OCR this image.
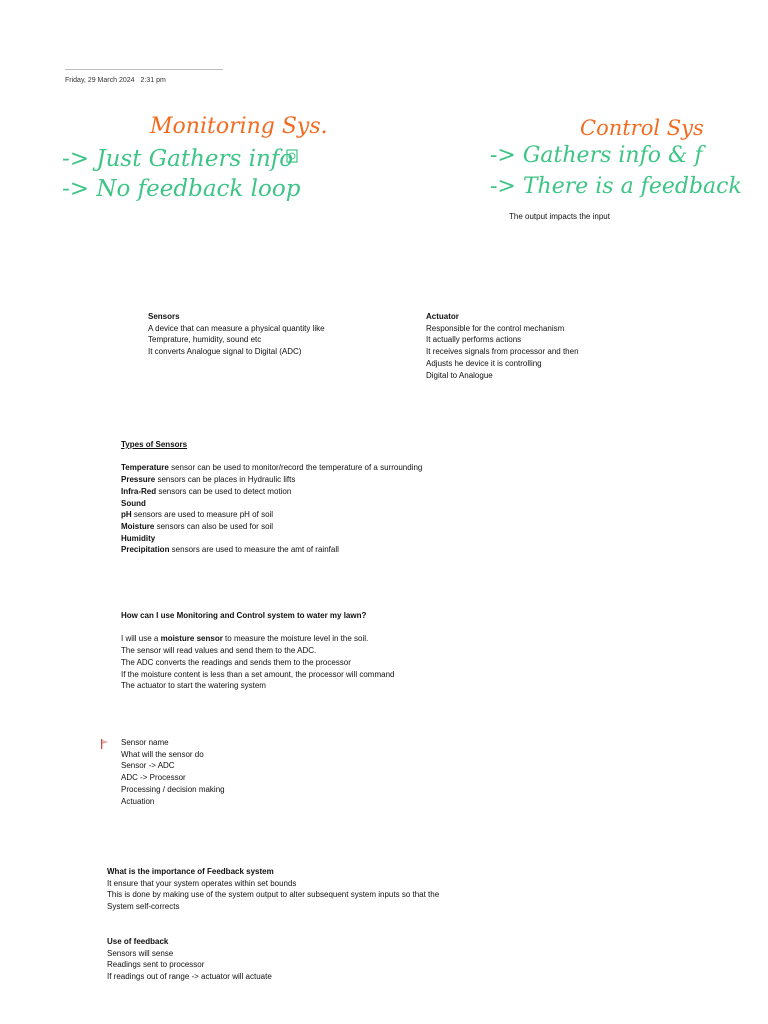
Friday, 29 March 2024 2:31 pm
Monitoring Sys.
-> Just Gathers info
-> No feedback loop
Control Sys
-> Gathers info & f
-> There is a feedback
The output impacts the input
Sensors
A device that can measure a physical quantity like
Temprature, humidity, sound etc
It converts Analogue signal to Digital (ADC)
Actuator
Responsible for the control mechanism
It actually performs actions
It receives signals from processor and then
Adjusts he device it is controlling
Digital to Analogue
Types of Sensors
Temperature sensor can be used to monitor/record the temperature of a surrounding
Pressure sensors can be places in Hydraulic lifts
Infra-Red sensors can be used to detect motion
Sound
pH sensors are used to measure pH of soil
Moisture sensors can also be used for soil
Humidity
Precipitation sensors are used to measure the amt of rainfall
How can I use Monitoring and Control system to water my lawn?
I will use a moisture sensor to measure the moisture level in the soil.
The sensor will read values and send them to the ADC.
The ADC converts the readings and sends them to the processor
If the moisture content is less than a set amount, the processor will command
The actuator to start the watering system
Sensor name
What will the sensor do
Sensor -> ADC
ADC -> Processor
Processing / decision making
Actuation
What is the importance of Feedback system
It ensure that your system operates within set bounds
This is done by making use of the system output to alter subsequent system inputs so that the
System self-corrects
Use of feedback
Sensors will sense
Readings sent to processor
If readings out of range -> actuator will actuate
